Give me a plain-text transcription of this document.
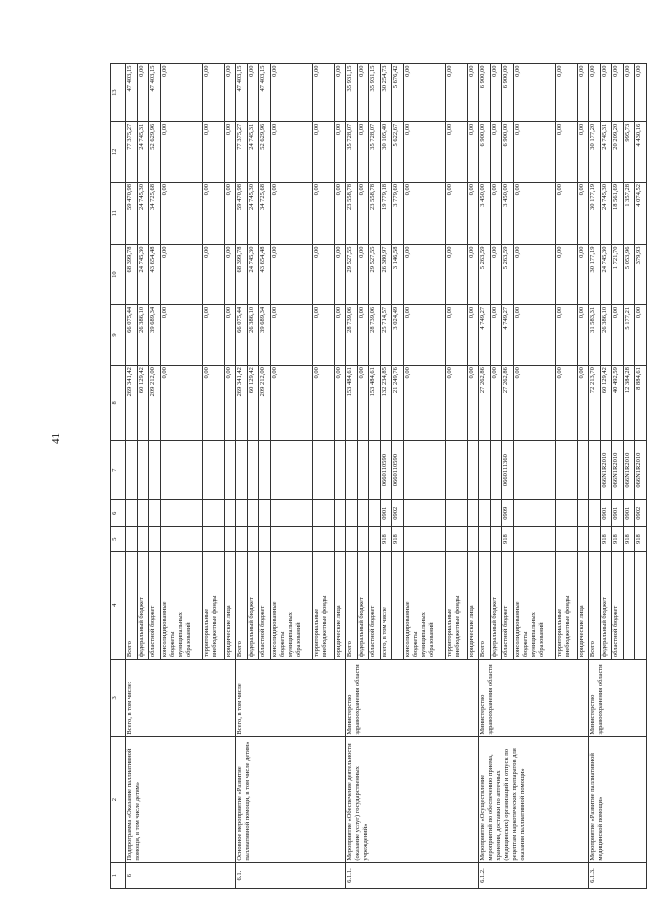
41
1	2	3	4	5	6	7	8	9	10	11	12	13
6	Подпрограмма «Оказание паллиативной помощи, в том числе детям»	Всего, в том числе:	Всего				269 341,42	66 075,44	68 399,78	59 470,98	77 375,27	47 403,15

			федеральный бюджет				60 129,42	26 386,10	24 745,30	24 745,30	24 745,31	0,00

			областной бюджет				209 212,00	39 689,34	43 654,48	34 725,68	52 629,96	47 403,15

			консолидированные бюджеты муниципальных образований				0,00	0,00	0,00	0,00	0,00	0,00

			территориальные внебюджетные фонды				0,00	0,00	0,00	0,00	0,00	0,00

			юридические лица				0,00	0,00	0,00	0,00	0,00	0,00
6.1.	Основное мероприятие «Развитие паллиативной помощи, в том числе детям»	Всего, в том числе	Всего				269 341,42	66 075,44	68 399,78	59 470,98	77 375,27	47 403,15

			федеральный бюджет				60 129,42	26 386,10	24 745,30	24 745,30	24 745,31	0,00

			областной бюджет				209 212,00	39 689,34	43 654,48	34 725,68	52 629,96	47 403,15

			консолидированные бюджеты муниципальных образований				0,00	0,00	0,00	0,00	0,00	0,00

			территориальные внебюджетные фонды				0,00	0,00	0,00	0,00	0,00	0,00

			юридические лица				0,00	0,00	0,00	0,00	0,00	0,00
6.1.1.	Мероприятие «Обеспечение деятельности (оказание услуг) государственных учреждений»	Министерство здравоохранения области	Всего				153 484,61	28 739,06	29 527,55	23 558,78	35 728,07	35 931,15

			федеральный бюджет				0,00	0,00	0,00	0,00	0,00	0,00

			областной бюджет				153 484,61	28 739,06	29 527,55	23 558,78	35 728,07	35 931,15

			всего, в том числе	918	0901	0660110590	132 234,85	25 714,57	26 380,97	19 779,18	30 105,40	30 254,73

				918	0902	0660110590	21 249,76	3 024,49	3 146,58	3 779,60	5 622,67	5 676,42

			консолидированные бюджеты муниципальных образований				0,00	0,00	0,00	0,00	0,00	0,00

			территориальные внебюджетные фонды				0,00	0,00	0,00	0,00	0,00	0,00

			юридические лица				0,00	0,00	0,00	0,00	0,00	0,00
6.1.2.	Мероприятие «Осуществление мероприятий по обеспечению приема, хранения, доставки по аптечных (медицинских) организаций и отпуск по рецептам наркотических препаратов для оказания паллиативной помощи»	Министерство здравоохранения области	Всего				27 262,86	4 749,27	5 263,59	3 450,00	6 900,00	6 900,00

			федеральный бюджет				0,00	0,00	0,00	0,00	0,00	0,00

			областной бюджет	918	0909	0660111360	27 262,86	4 749,27	5 263,59	3 450,00	6 900,00	6 900,00

			консолидированные бюджеты муниципальных образований				0,00	0,00	0,00	0,00	0,00	0,00

			территориальные внебюджетные фонды				0,00	0,00	0,00	0,00	0,00	0,00

			юридические лица				0,00	0,00	0,00	0,00	0,00	0,00
6.1.3.	Мероприятие «Развитие паллиативной медицинской помощи»	Министерство здравоохранения области	Всего				72 213,70	31 583,31	30 177,19	30 177,19	30 177,20	0,00

			федеральный бюджет	918	0901	066N1R2010	60 129,42	26 386,10	24 745,30	24 745,30	24 745,31	0,00

			областной бюджет	918	0901	066N1R2010	40 492,59	0,00	1 721,70	18 561,69	20 209,20	0,00

				918	0901	066N1R2010	12 384,28	5 177,21	5 053,96	1 357,28	995,73	0,00

				918	0902	066N1R2010	8 884,61	0,00	379,93	4 074,52	4 430,16	0,00
